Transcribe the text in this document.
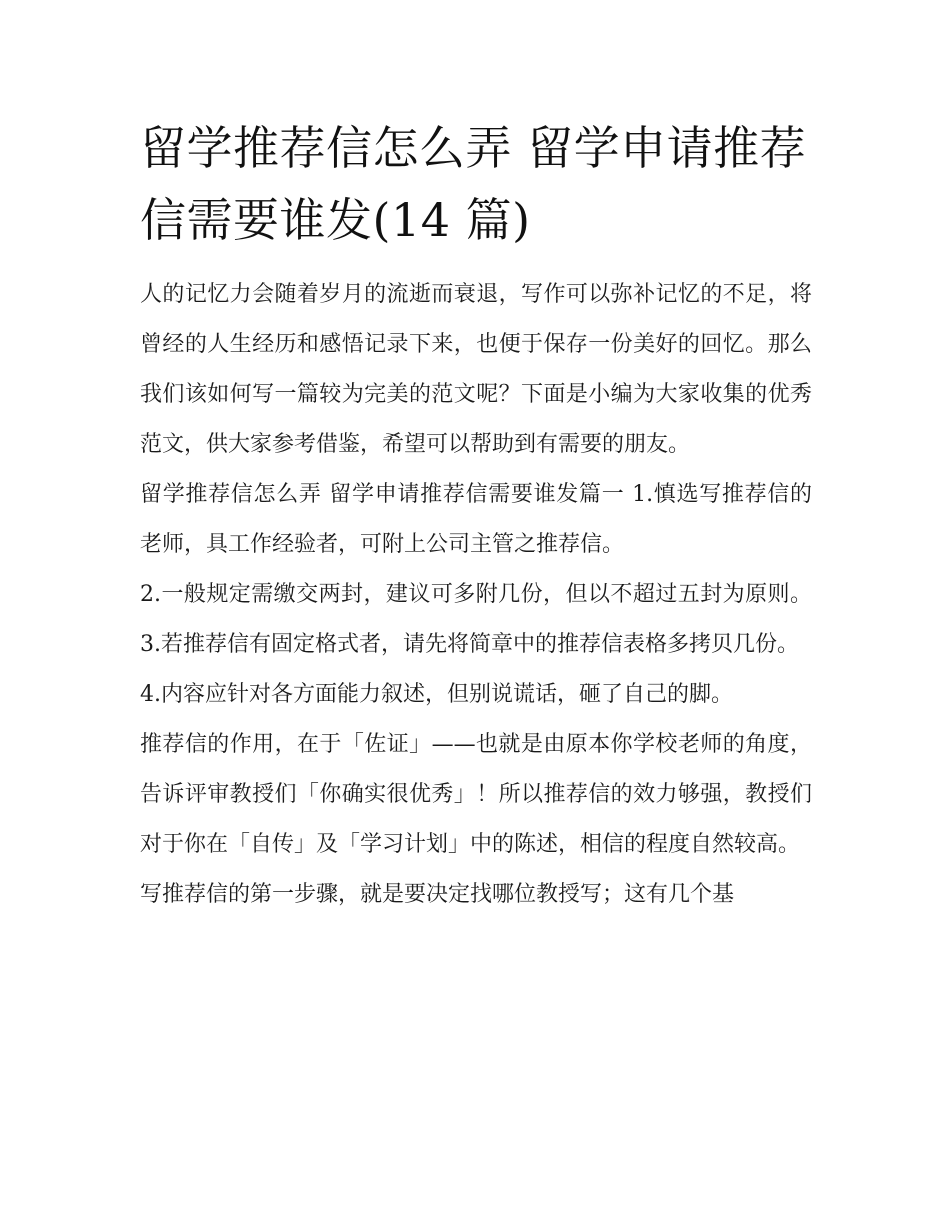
留学推荐信怎么弄 留学申请推荐信需要谁发(14 篇)

人的记忆力会随着岁月的流逝而衰退，写作可以弥补记忆的不足，将曾经的人生经历和感悟记录下来，也便于保存一份美好的回忆。那么我们该如何写一篇较为完美的范文呢？下面是小编为大家收集的优秀范文，供大家参考借鉴，希望可以帮助到有需要的朋友。

留学推荐信怎么弄 留学申请推荐信需要谁发篇一 1.慎选写推荐信的老师，具工作经验者，可附上公司主管之推荐信。

2.一般规定需缴交两封，建议可多附几份，但以不超过五封为原则。 3.若推荐信有固定格式者，请先将简章中的推荐信表格多拷贝几份。

4.内容应针对各方面能力叙述，但别说谎话，砸了自己的脚。

推荐信的作用，在于「佐证」——也就是由原本你学校老师的角度，告诉评审教授们「你确实很优秀」！所以推荐信的效力够强，教授们对于你在「自传」及「学习计划」中的陈述，相信的程度自然较高。

写推荐信的第一步骤，就是要决定找哪位教授写；这有几个基
